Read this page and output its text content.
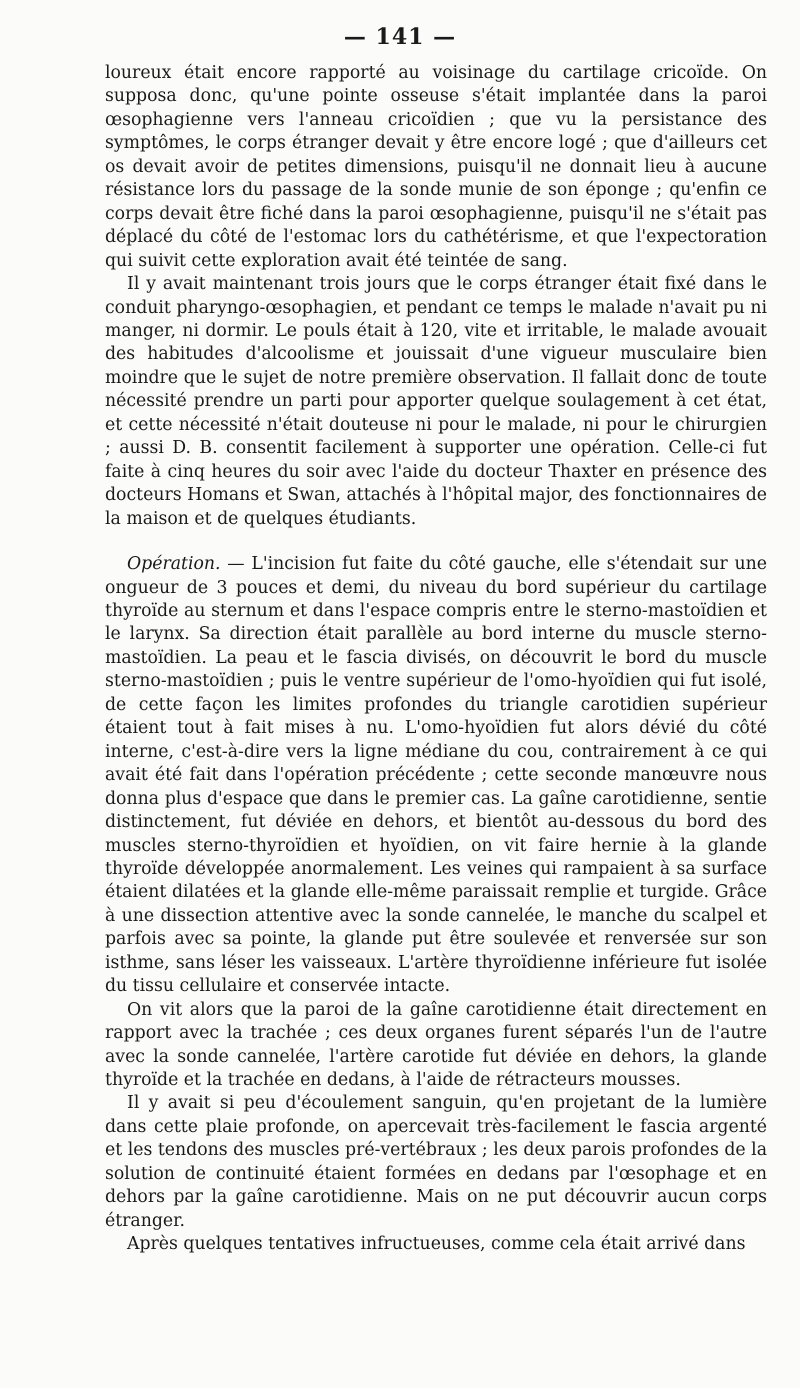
— 141 —

loureux était encore rapporté au voisinage du cartilage cricoïde. On supposa donc, qu'une pointe osseuse s'était implantée dans la paroi œsophagienne vers l'anneau cricoïdien ; que vu la persistance des symptômes, le corps étranger devait y être encore logé ; que d'ailleurs cet os devait avoir de petites dimensions, puisqu'il ne donnait lieu à aucune résistance lors du passage de la sonde munie de son éponge ; qu'enfin ce corps devait être fiché dans la paroi œsophagienne, puisqu'il ne s'était pas déplacé du côté de l'estomac lors du cathétérisme, et que l'expectoration qui suivit cette exploration avait été teintée de sang.

Il y avait maintenant trois jours que le corps étranger était fixé dans le conduit pharyngo-œsophagien, et pendant ce temps le malade n'avait pu ni manger, ni dormir. Le pouls était à 120, vite et irritable, le malade avouait des habitudes d'alcoolisme et jouissait d'une vigueur musculaire bien moindre que le sujet de notre première observation. Il fallait donc de toute nécessité prendre un parti pour apporter quelque soulagement à cet état, et cette nécessité n'était douteuse ni pour le malade, ni pour le chirurgien ; aussi D. B. consentit facilement à supporter une opération. Celle-ci fut faite à cinq heures du soir avec l'aide du docteur Thaxter en présence des docteurs Homans et Swan, attachés à l'hôpital major, des fonctionnaires de la maison et de quelques étudiants.

Opération. — L'incision fut faite du côté gauche, elle s'étendait sur une ongueur de 3 pouces et demi, du niveau du bord supérieur du cartilage thyroïde au sternum et dans l'espace compris entre le sterno-mastoïdien et le larynx. Sa direction était parallèle au bord interne du muscle sterno-mastoïdien. La peau et le fascia divisés, on découvrit le bord du muscle sterno-mastoïdien ; puis le ventre supérieur de l'omo-hyoïdien qui fut isolé, de cette façon les limites profondes du triangle carotidien supérieur étaient tout à fait mises à nu. L'omo-hyoïdien fut alors dévié du côté interne, c'est-à-dire vers la ligne médiane du cou, contrairement à ce qui avait été fait dans l'opération précédente ; cette seconde manœuvre nous donna plus d'espace que dans le premier cas. La gaîne carotidienne, sentie distinctement, fut déviée en dehors, et bientôt au-dessous du bord des muscles sterno-thyroïdien et hyoïdien, on vit faire hernie à la glande thyroïde développée anormalement. Les veines qui rampaient à sa surface étaient dilatées et la glande elle-même paraissait remplie et turgide. Grâce à une dissection attentive avec la sonde cannelée, le manche du scalpel et parfois avec sa pointe, la glande put être soulevée et renversée sur son isthme, sans léser les vaisseaux. L'artère thyroïdienne inférieure fut isolée du tissu cellulaire et conservée intacte.

On vit alors que la paroi de la gaîne carotidienne était directement en rapport avec la trachée ; ces deux organes furent séparés l'un de l'autre avec la sonde cannelée, l'artère carotide fut déviée en dehors, la glande thyroïde et la trachée en dedans, à l'aide de rétracteurs mousses.

Il y avait si peu d'écoulement sanguin, qu'en projetant de la lumière dans cette plaie profonde, on apercevait très-facilement le fascia argenté et les tendons des muscles pré-vertébraux ; les deux parois profondes de la solution de continuité étaient formées en dedans par l'œsophage et en dehors par la gaîne carotidienne. Mais on ne put découvrir aucun corps étranger.

Après quelques tentatives infructueuses, comme cela était arrivé dans
